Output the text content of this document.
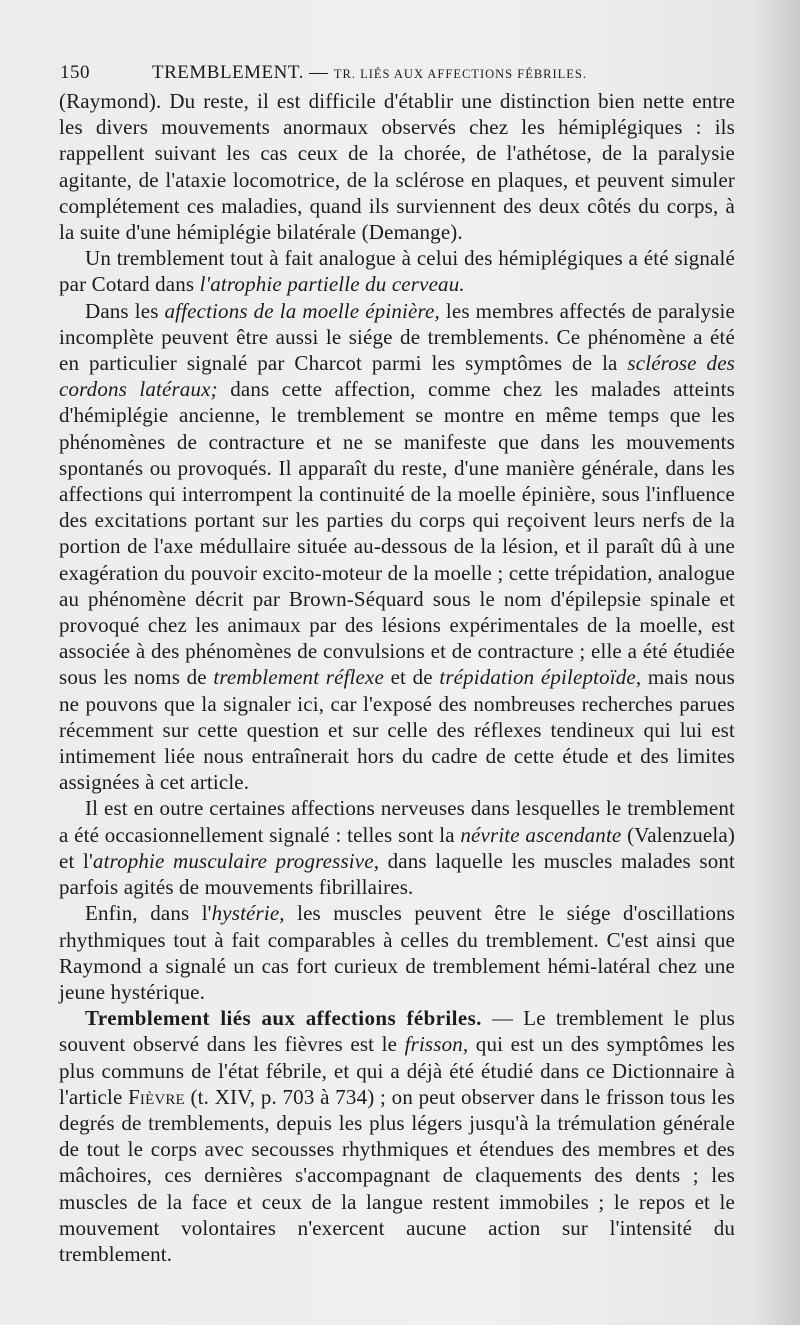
150	TREMBLEMENT. — TR. LIÉS AUX AFFECTIONS FÉBRILES.

(Raymond). Du reste, il est difficile d'établir une distinction bien nette entre les divers mouvements anormaux observés chez les hémiplégiques : ils rappellent suivant les cas ceux de la chorée, de l'athétose, de la paralysie agitante, de l'ataxie locomotrice, de la sclérose en plaques, et peuvent simuler complétement ces maladies, quand ils surviennent des deux côtés du corps, à la suite d'une hémiplégie bilatérale (Demange).

Un tremblement tout à fait analogue à celui des hémiplégiques a été signalé par Cotard dans l'atrophie partielle du cerveau.

Dans les affections de la moelle épinière, les membres affectés de paralysie incomplète peuvent être aussi le siége de tremblements. Ce phénomène a été en particulier signalé par Charcot parmi les symptômes de la sclérose des cordons latéraux; dans cette affection, comme chez les malades atteints d'hémiplégie ancienne, le tremblement se montre en même temps que les phénomènes de contracture et ne se manifeste que dans les mouvements spontanés ou provoqués. Il apparaît du reste, d'une manière générale, dans les affections qui interrompent la continuité de la moelle épinière, sous l'influence des excitations portant sur les parties du corps qui reçoivent leurs nerfs de la portion de l'axe médullaire située au-dessous de la lésion, et il paraît dû à une exagération du pouvoir excito-moteur de la moelle ; cette trépidation, analogue au phénomène décrit par Brown-Séquard sous le nom d'épilepsie spinale et provoqué chez les animaux par des lésions expérimentales de la moelle, est associée à des phénomènes de convulsions et de contracture ; elle a été étudiée sous les noms de tremblement réflexe et de trépidation épileptoïde, mais nous ne pouvons que la signaler ici, car l'exposé des nombreuses recherches parues récemment sur cette question et sur celle des réflexes tendineux qui lui est intimement liée nous entraînerait hors du cadre de cette étude et des limites assignées à cet article.

Il est en outre certaines affections nerveuses dans lesquelles le tremblement a été occasionnellement signalé : telles sont la névrite ascendante (Valenzuela) et l'atrophie musculaire progressive, dans laquelle les muscles malades sont parfois agités de mouvements fibrillaires.

Enfin, dans l'hystérie, les muscles peuvent être le siége d'oscillations rhythmiques tout à fait comparables à celles du tremblement. C'est ainsi que Raymond a signalé un cas fort curieux de tremblement hémi-latéral chez une jeune hystérique.

Tremblement liés aux affections fébriles. — Le tremblement le plus souvent observé dans les fièvres est le frisson, qui est un des symptômes les plus communs de l'état fébrile, et qui a déjà été étudié dans ce Dictionnaire à l'article Fièvre (t. XIV, p. 703 à 734) ; on peut observer dans le frisson tous les degrés de tremblements, depuis les plus légers jusqu'à la trémulation générale de tout le corps avec secousses rhythmiques et étendues des membres et des mâchoires, ces dernières s'accompagnant de claquements des dents ; les muscles de la face et ceux de la langue restent immobiles ; le repos et le mouvement volontaires n'exercent aucune action sur l'intensité du tremblement.
